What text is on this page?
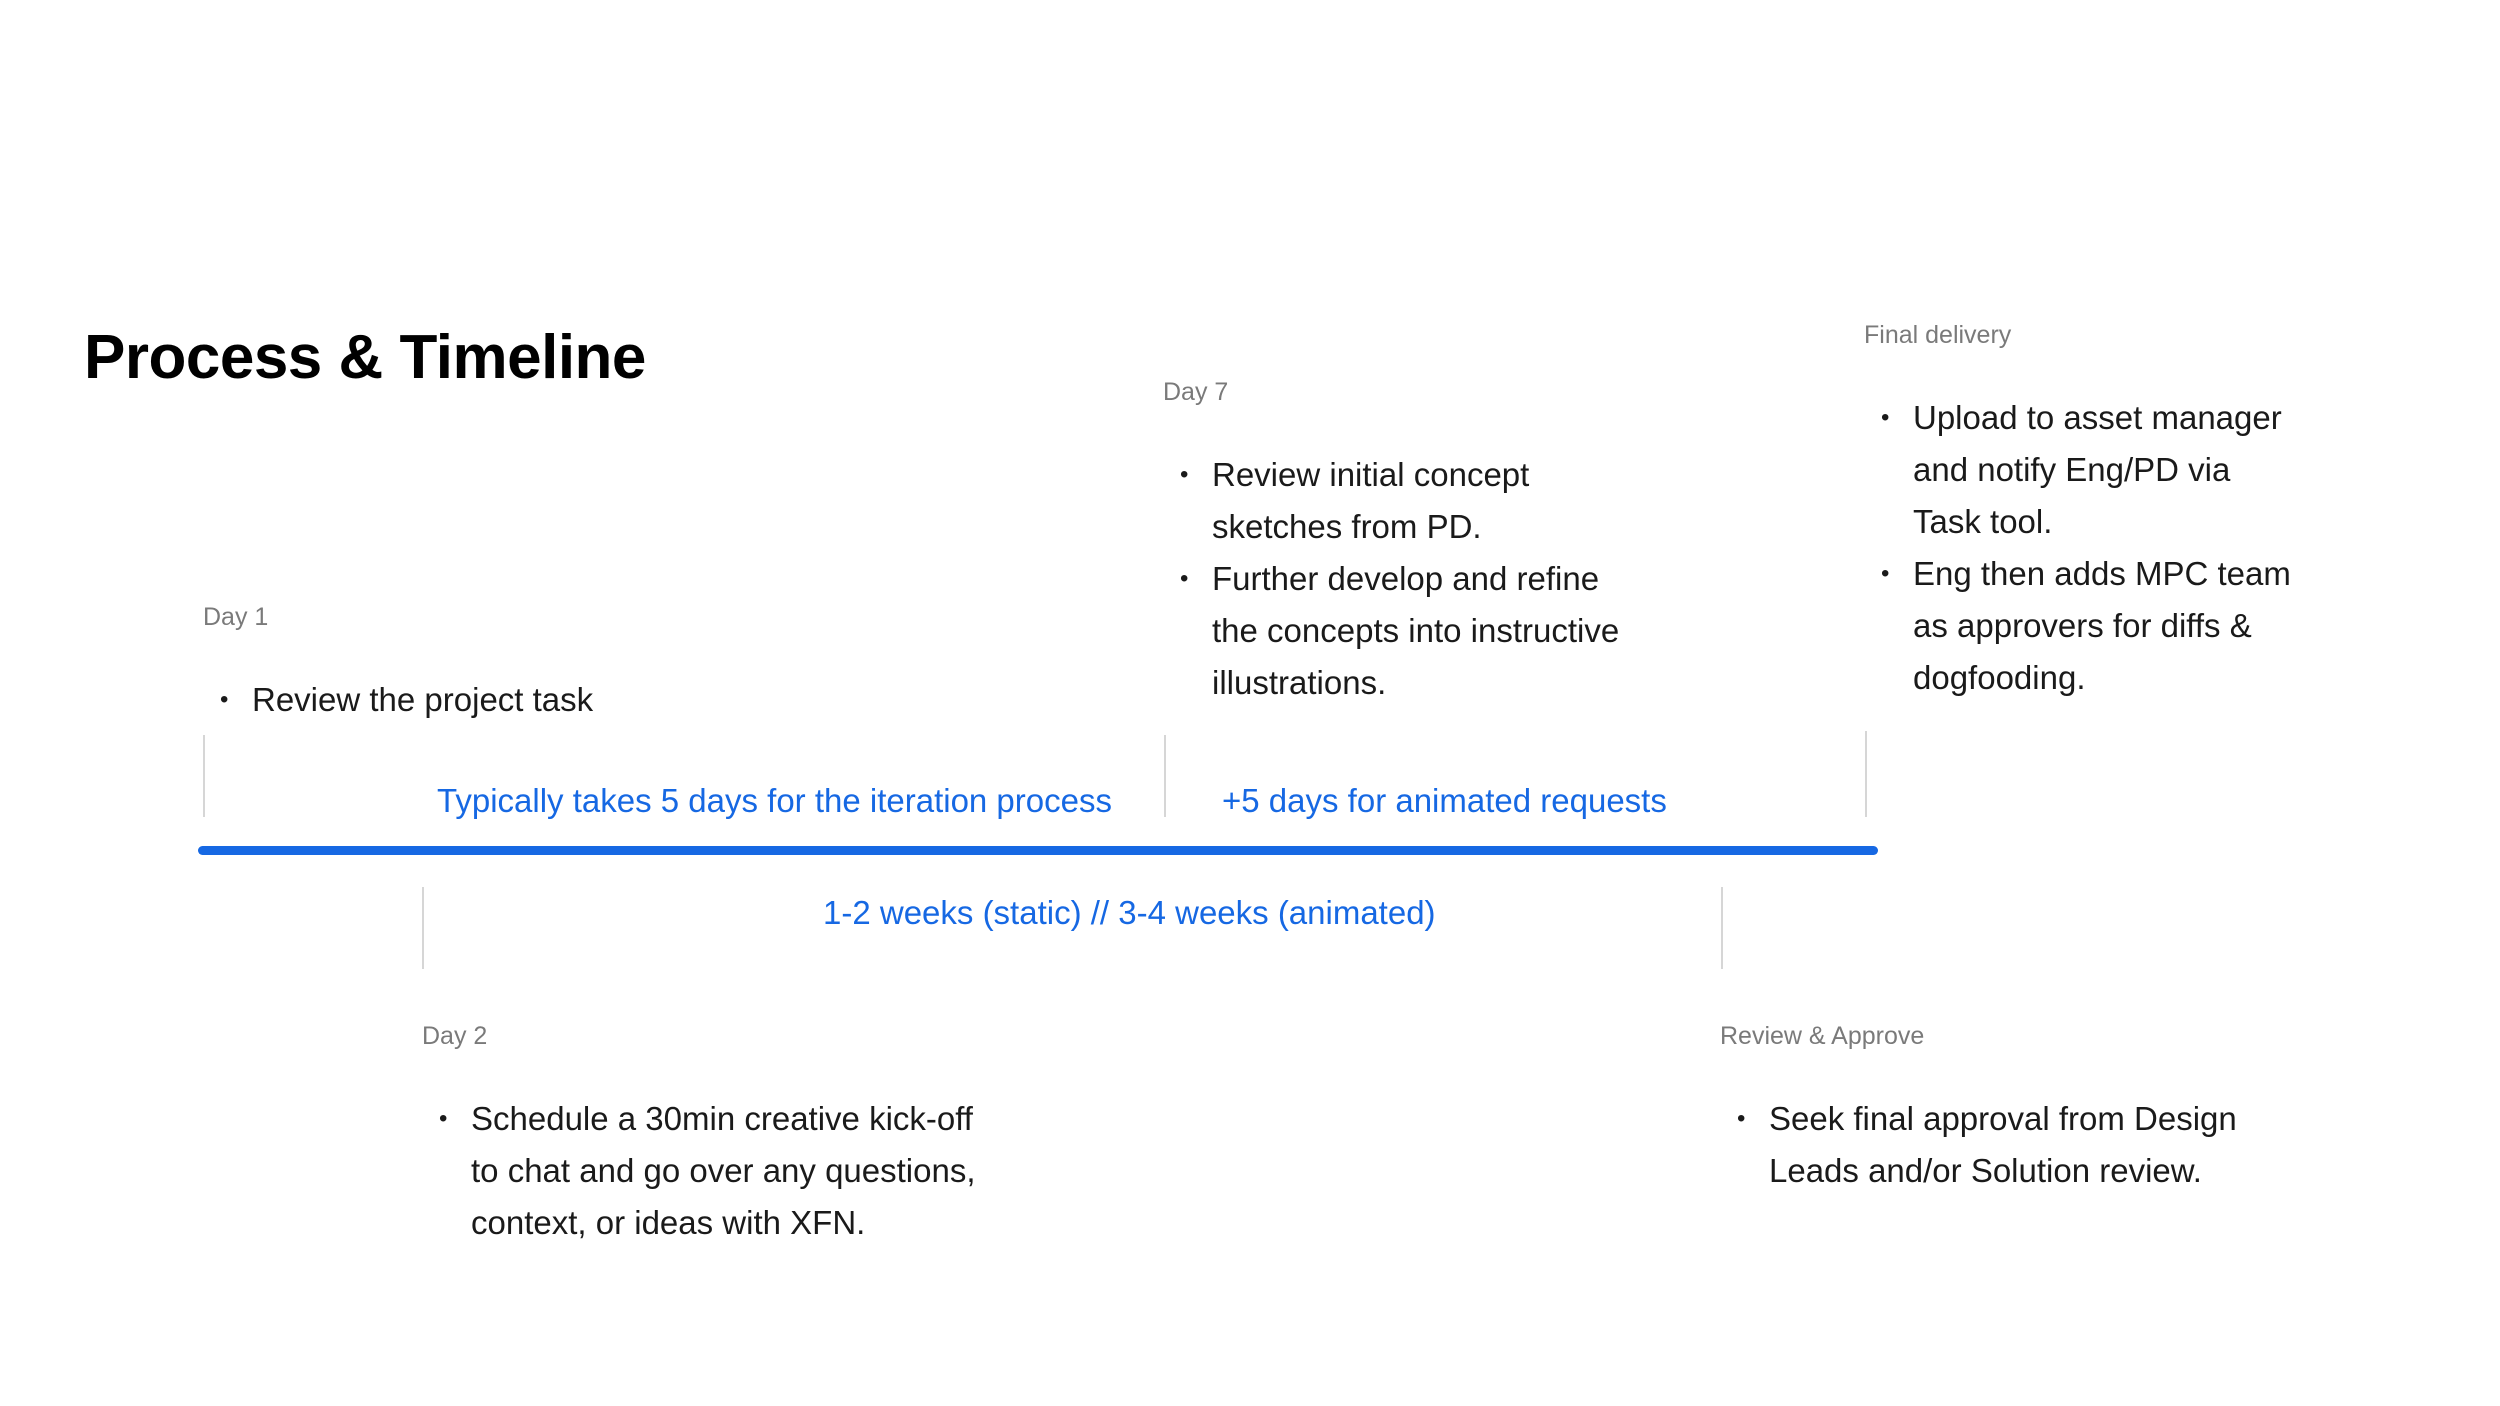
Process & Timeline
Day 1
• Review the project task
Day 7
• Review initial concept sketches from PD.
• Further develop and refine the concepts into instructive illustrations.
Final delivery
• Upload to asset manager and notify Eng/PD via Task tool.
• Eng then adds MPC team as approvers for diffs & dogfooding.
Typically takes 5 days for the iteration process	+5 days for animated requests
1-2 weeks (static) // 3-4 weeks (animated)
Day 2
• Schedule a 30min creative kick-off to chat and go over any questions, context, or ideas with XFN.
Review & Approve
• Seek final approval from Design Leads and/or Solution review.
